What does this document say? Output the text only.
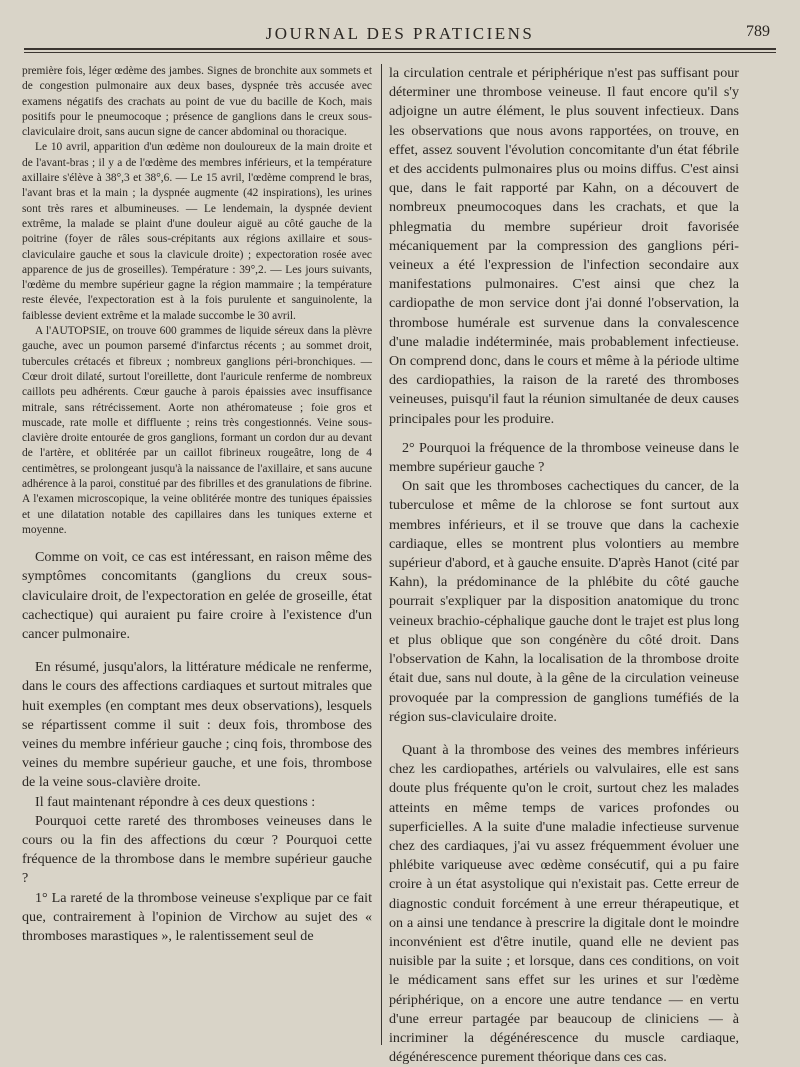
JOURNAL DES PRATICIENS	789

première fois, léger œdème des jambes. Signes de bronchite aux sommets et de congestion pulmonaire aux deux bases, dyspnée très accusée avec examens négatifs des crachats au point de vue du bacille de Koch, mais positifs pour le pneumocoque ; présence de ganglions dans le creux sous-claviculaire droit, sans aucun signe de cancer abdominal ou thoracique.

Le 10 avril, apparition d'un œdème non douloureux de la main droite et de l'avant-bras ; il y a de l'œdème des membres inférieurs, et la température axillaire s'élève à 38°,3 et 38°,6. — Le 15 avril, l'œdème comprend le bras, l'avant bras et la main ; la dyspnée augmente (42 inspirations), les urines sont très rares et albumineuses. — Le lendemain, la dyspnée devient extrême, la malade se plaint d'une douleur aiguë au côté gauche de la poitrine (foyer de râles sous-crépitants aux régions axillaire et sous-claviculaire gauche et sous la clavicule droite) ; expectoration rosée avec apparence de jus de groseilles). Température : 39°,2. — Les jours suivants, l'œdème du membre supérieur gagne la région mammaire ; la température reste élevée, l'expectoration est à la fois purulente et sanguinolente, la faiblesse devient extrême et la malade succombe le 30 avril.

A l'AUTOPSIE, on trouve 600 grammes de liquide séreux dans la plèvre gauche, avec un poumon parsemé d'infarctus récents ; au sommet droit, tubercules crétacés et fibreux ; nombreux ganglions péri-bronchiques. — Cœur droit dilaté, surtout l'oreillette, dont l'auricule renferme de nombreux caillots peu adhérents. Cœur gauche à parois épaissies avec insuffisance mitrale, sans rétrécissement. Aorte non athéromateuse ; foie gros et muscade, rate molle et diffluente ; reins très congestionnés. Veine sous-clavière droite entourée de gros ganglions, formant un cordon dur au devant de l'artère, et oblitérée par un caillot fibrineux rougeâtre, long de 4 centimètres, se prolongeant jusqu'à la naissance de l'axillaire, et sans aucune adhérence à la paroi, constitué par des fibrilles et des granulations de fibrine. A l'examen microscopique, la veine oblitérée montre des tuniques épaissies et une dilatation notable des capillaires dans les tuniques externe et moyenne.

Comme on voit, ce cas est intéressant, en raison même des symptômes concomitants (ganglions du creux sous-claviculaire droit, de l'expectoration en gelée de groseille, état cachectique) qui auraient pu faire croire à l'existence d'un cancer pulmonaire.

En résumé, jusqu'alors, la littérature médicale ne renferme, dans le cours des affections cardiaques et surtout mitrales que huit exemples (en comptant mes deux observations), lesquels se répartissent comme il suit : deux fois, thrombose des veines du membre inférieur gauche ; cinq fois, thrombose des veines du membre supérieur gauche, et une fois, thrombose de la veine sous-clavière droite.

Il faut maintenant répondre à ces deux questions :

Pourquoi cette rareté des thromboses veineuses dans le cours ou la fin des affections du cœur ? Pourquoi cette fréquence de la thrombose dans le membre supérieur gauche ?

1° La rareté de la thrombose veineuse s'explique par ce fait que, contrairement à l'opinion de Virchow au sujet des « thromboses marastiques », le ralentissement seul de

la circulation centrale et périphérique n'est pas suffisant pour déterminer une thrombose veineuse. Il faut encore qu'il s'y adjoigne un autre élément, le plus souvent infectieux. Dans les observations que nous avons rapportées, on trouve, en effet, assez souvent l'évolution concomitante d'un état fébrile et des accidents pulmonaires plus ou moins diffus. C'est ainsi que, dans le fait rapporté par Kahn, on a découvert de nombreux pneumocoques dans les crachats, et que la phlegmatia du membre supérieur droit favorisée mécaniquement par la compression des ganglions péri-veineux a été l'expression de l'infection secondaire aux manifestations pulmonaires. C'est ainsi que chez la cardiopathe de mon service dont j'ai donné l'observation, la thrombose humérale est survenue dans la convalescence d'une maladie indéterminée, mais probablement infectieuse. On comprend donc, dans le cours et même à la période ultime des cardiopathies, la raison de la rareté des thromboses veineuses, puisqu'il faut la réunion simultanée de deux causes principales pour les produire.

2° Pourquoi la fréquence de la thrombose veineuse dans le membre supérieur gauche ?

On sait que les thromboses cachectiques du cancer, de la tuberculose et même de la chlorose se font surtout aux membres inférieurs, et il se trouve que dans la cachexie cardiaque, elles se montrent plus volontiers au membre supérieur d'abord, et à gauche ensuite. D'après Hanot (cité par Kahn), la prédominance de la phlébite du côté gauche pourrait s'expliquer par la disposition anatomique du tronc veineux brachio-céphalique gauche dont le trajet est plus long et plus oblique que son congénère du côté droit. Dans l'observation de Kahn, la localisation de la thrombose droite était due, sans nul doute, à la gêne de la circulation veineuse provoquée par la compression de ganglions tuméfiés de la région sus-claviculaire droite.

Quant à la thrombose des veines des membres inférieurs chez les cardiopathes, artériels ou valvulaires, elle est sans doute plus fréquente qu'on le croit, surtout chez les malades atteints en même temps de varices profondes ou superficielles. A la suite d'une maladie infectieuse survenue chez des cardiaques, j'ai vu assez fréquemment évoluer une phlébite variqueuse avec œdème consécutif, qui a pu faire croire à un état asystolique qui n'existait pas. Cette erreur de diagnostic conduit forcément à une erreur thérapeutique, et on a ainsi une tendance à prescrire la digitale dont le moindre inconvénient est d'être inutile, quand elle ne devient pas nuisible par la suite ; et lorsque, dans ces conditions, on voit le médicament sans effet sur les urines et sur l'œdème périphérique, on a encore une autre tendance — en vertu d'une erreur partagée par beaucoup de cliniciens — à incriminer la dégénérescence du muscle cardiaque, dégénérescence purement théorique dans ces cas.
